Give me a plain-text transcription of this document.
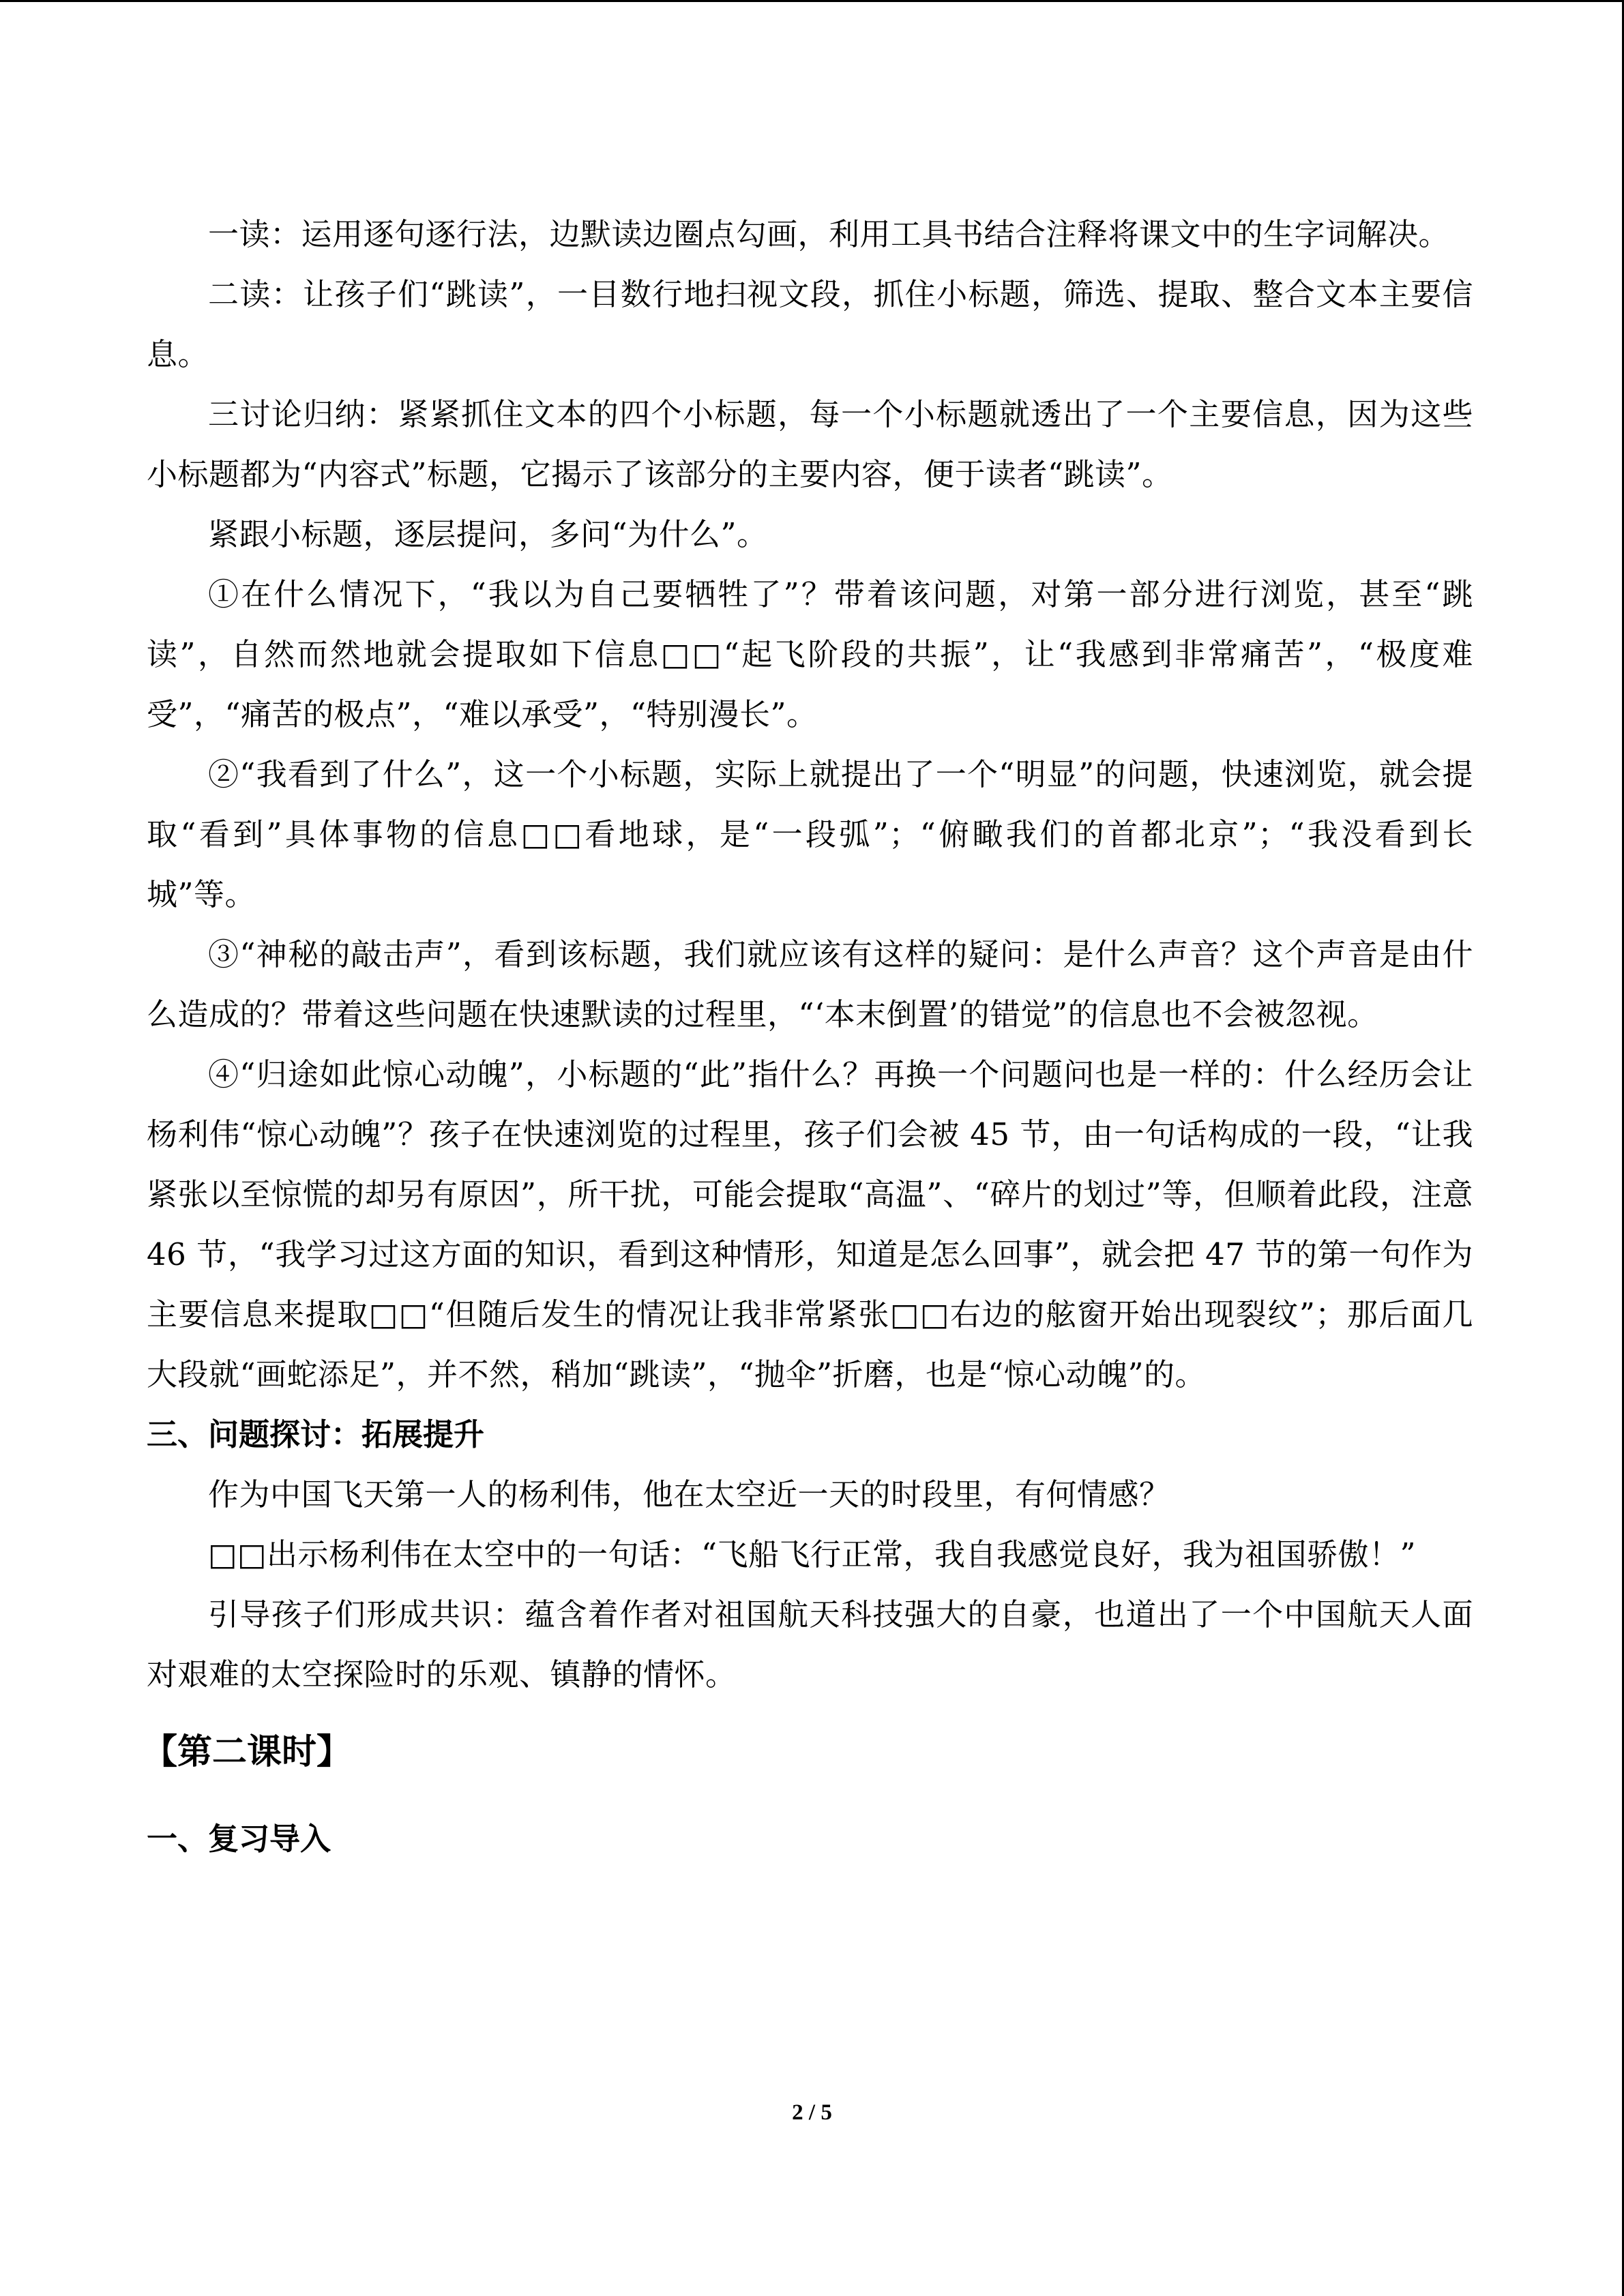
一读：运用逐句逐行法，边默读边圈点勾画，利用工具书结合注释将课文中的生字词解决。

二读：让孩子们“跳读”，一目数行地扫视文段，抓住小标题，筛选、提取、整合文本主要信息。

三讨论归纳：紧紧抓住文本的四个小标题，每一个小标题就透出了一个主要信息，因为这些小标题都为“内容式”标题，它揭示了该部分的主要内容，便于读者“跳读”。

紧跟小标题，逐层提问，多问“为什么”。

①在什么情况下，“我以为自己要牺牲了”？带着该问题，对第一部分进行浏览，甚至“跳读”，自然而然地就会提取如下信息□□“起飞阶段的共振”，让“我感到非常痛苦”，“极度难受”，“痛苦的极点”，“难以承受”，“特别漫长”。

②“我看到了什么”，这一个小标题，实际上就提出了一个“明显”的问题，快速浏览，就会提取“看到”具体事物的信息□□看地球，是“一段弧”；“俯瞰我们的首都北京”；“我没看到长城”等。

③“神秘的敲击声”，看到该标题，我们就应该有这样的疑问：是什么声音？这个声音是由什么造成的？带着这些问题在快速默读的过程里，“‘本末倒置’的错觉”的信息也不会被忽视。

④“归途如此惊心动魄”，小标题的“此”指什么？再换一个问题问也是一样的：什么经历会让杨利伟“惊心动魄”？孩子在快速浏览的过程里，孩子们会被 45 节，由一句话构成的一段，“让我紧张以至惊慌的却另有原因”，所干扰，可能会提取“高温”、“碎片的划过”等，但顺着此段，注意 46 节，“我学习过这方面的知识，看到这种情形，知道是怎么回事”，就会把 47 节的第一句作为主要信息来提取□□“但随后发生的情况让我非常紧张□□右边的舷窗开始出现裂纹”；那后面几大段就“画蛇添足”，并不然，稍加“跳读”，“抛伞”折磨，也是“惊心动魄”的。

三、问题探讨：拓展提升

作为中国飞天第一人的杨利伟，他在太空近一天的时段里，有何情感？

□□出示杨利伟在太空中的一句话：“飞船飞行正常，我自我感觉良好，我为祖国骄傲！”

引导孩子们形成共识：蕴含着作者对祖国航天科技强大的自豪，也道出了一个中国航天人面对艰难的太空探险时的乐观、镇静的情怀。

【第二课时】

一、复习导入

2 / 5
